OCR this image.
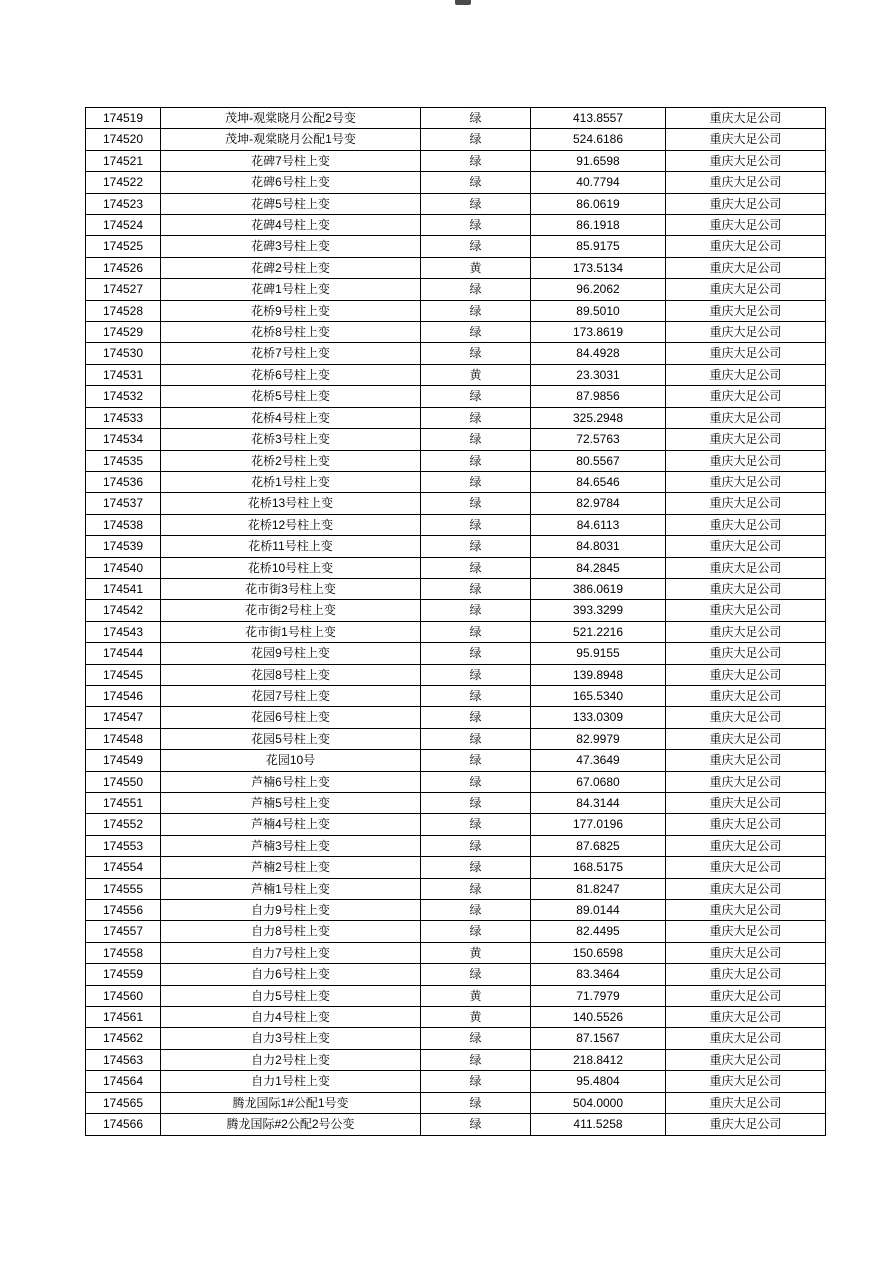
174519	茂坤-观棠晓月公配2号变	绿	413.8557	重庆大足公司
174520	茂坤-观棠晓月公配1号变	绿	524.6186	重庆大足公司
174521	花碑7号柱上变	绿	91.6598	重庆大足公司
174522	花碑6号柱上变	绿	40.7794	重庆大足公司
174523	花碑5号柱上变	绿	86.0619	重庆大足公司
174524	花碑4号柱上变	绿	86.1918	重庆大足公司
174525	花碑3号柱上变	绿	85.9175	重庆大足公司
174526	花碑2号柱上变	黄	173.5134	重庆大足公司
174527	花碑1号柱上变	绿	96.2062	重庆大足公司
174528	花桥9号柱上变	绿	89.5010	重庆大足公司
174529	花桥8号柱上变	绿	173.8619	重庆大足公司
174530	花桥7号柱上变	绿	84.4928	重庆大足公司
174531	花桥6号柱上变	黄	23.3031	重庆大足公司
174532	花桥5号柱上变	绿	87.9856	重庆大足公司
174533	花桥4号柱上变	绿	325.2948	重庆大足公司
174534	花桥3号柱上变	绿	72.5763	重庆大足公司
174535	花桥2号柱上变	绿	80.5567	重庆大足公司
174536	花桥1号柱上变	绿	84.6546	重庆大足公司
174537	花桥13号柱上变	绿	82.9784	重庆大足公司
174538	花桥12号柱上变	绿	84.6113	重庆大足公司
174539	花桥11号柱上变	绿	84.8031	重庆大足公司
174540	花桥10号柱上变	绿	84.2845	重庆大足公司
174541	花市街3号柱上变	绿	386.0619	重庆大足公司
174542	花市街2号柱上变	绿	393.3299	重庆大足公司
174543	花市街1号柱上变	绿	521.2216	重庆大足公司
174544	花园9号柱上变	绿	95.9155	重庆大足公司
174545	花园8号柱上变	绿	139.8948	重庆大足公司
174546	花园7号柱上变	绿	165.5340	重庆大足公司
174547	花园6号柱上变	绿	133.0309	重庆大足公司
174548	花园5号柱上变	绿	82.9979	重庆大足公司
174549	花园10号	绿	47.3649	重庆大足公司
174550	芦楠6号柱上变	绿	67.0680	重庆大足公司
174551	芦楠5号柱上变	绿	84.3144	重庆大足公司
174552	芦楠4号柱上变	绿	177.0196	重庆大足公司
174553	芦楠3号柱上变	绿	87.6825	重庆大足公司
174554	芦楠2号柱上变	绿	168.5175	重庆大足公司
174555	芦楠1号柱上变	绿	81.8247	重庆大足公司
174556	自力9号柱上变	绿	89.0144	重庆大足公司
174557	自力8号柱上变	绿	82.4495	重庆大足公司
174558	自力7号柱上变	黄	150.6598	重庆大足公司
174559	自力6号柱上变	绿	83.3464	重庆大足公司
174560	自力5号柱上变	黄	71.7979	重庆大足公司
174561	自力4号柱上变	黄	140.5526	重庆大足公司
174562	自力3号柱上变	绿	87.1567	重庆大足公司
174563	自力2号柱上变	绿	218.8412	重庆大足公司
174564	自力1号柱上变	绿	95.4804	重庆大足公司
174565	腾龙国际1#公配1号变	绿	504.0000	重庆大足公司
174566	腾龙国际#2公配2号公变	绿	411.5258	重庆大足公司
